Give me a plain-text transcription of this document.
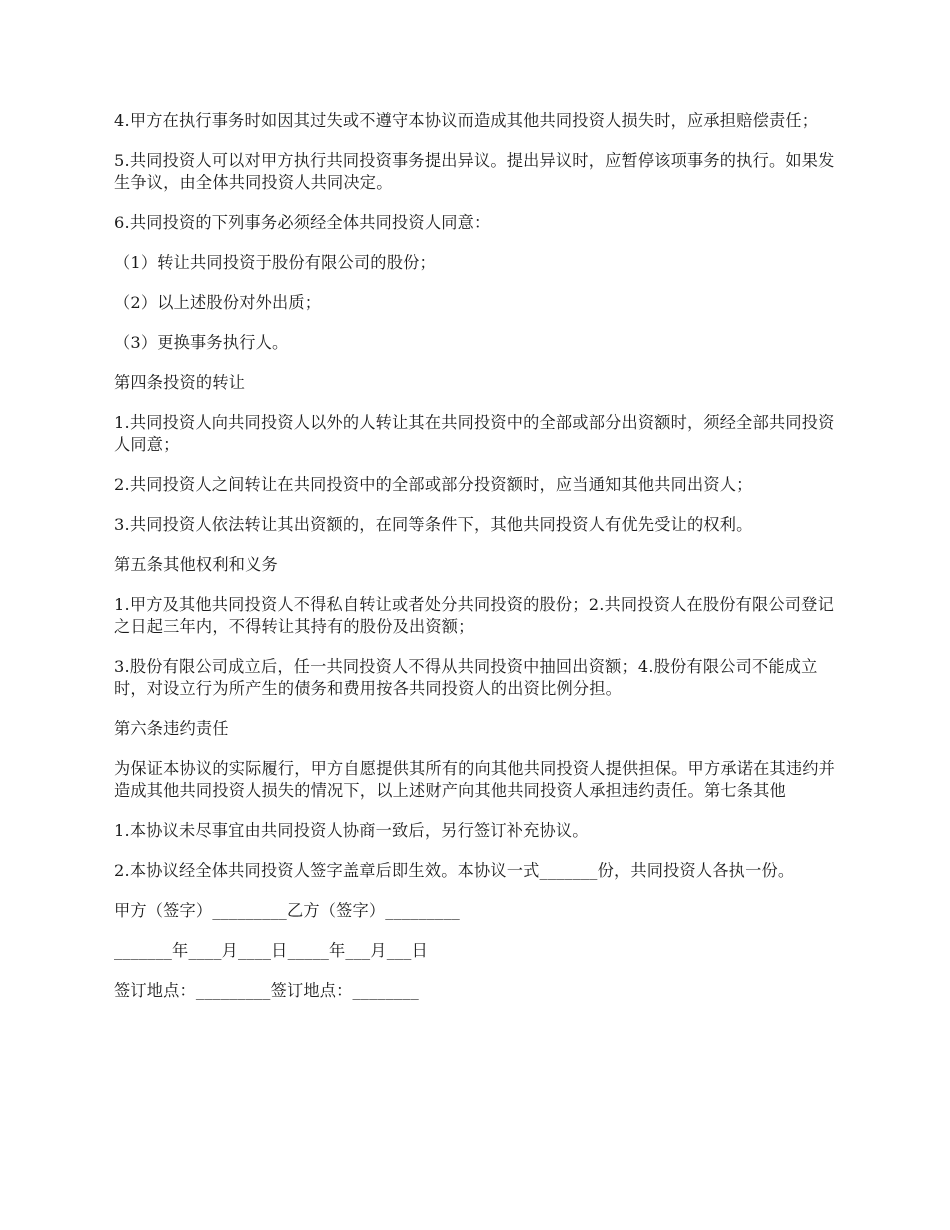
4.甲方在执行事务时如因其过失或不遵守本协议而造成其他共同投资人损失时，应承担赔偿责任；

5.共同投资人可以对甲方执行共同投资事务提出异议。提出异议时，应暂停该项事务的执行。如果发生争议，由全体共同投资人共同决定。

6.共同投资的下列事务必须经全体共同投资人同意：

（1）转让共同投资于股份有限公司的股份；

（2）以上述股份对外出质；

（3）更换事务执行人。

第四条投资的转让

1.共同投资人向共同投资人以外的人转让其在共同投资中的全部或部分出资额时，须经全部共同投资人同意；

2.共同投资人之间转让在共同投资中的全部或部分投资额时，应当通知其他共同出资人；

3.共同投资人依法转让其出资额的，在同等条件下，其他共同投资人有优先受让的权利。

第五条其他权利和义务

1.甲方及其他共同投资人不得私自转让或者处分共同投资的股份；2.共同投资人在股份有限公司登记之日起三年内，不得转让其持有的股份及出资额；

3.股份有限公司成立后，任一共同投资人不得从共同投资中抽回出资额；4.股份有限公司不能成立时，对设立行为所产生的债务和费用按各共同投资人的出资比例分担。

第六条违约责任

为保证本协议的实际履行，甲方自愿提供其所有的向其他共同投资人提供担保。甲方承诺在其违约并造成其他共同投资人损失的情况下，以上述财产向其他共同投资人承担违约责任。第七条其他

1.本协议未尽事宜由共同投资人协商一致后，另行签订补充协议。

2.本协议经全体共同投资人签字盖章后即生效。本协议一式_______份，共同投资人各执一份。

甲方（签字）_________乙方（签字）_________

_______年____月____日_____年___月___日

签订地点：_________签订地点：________
